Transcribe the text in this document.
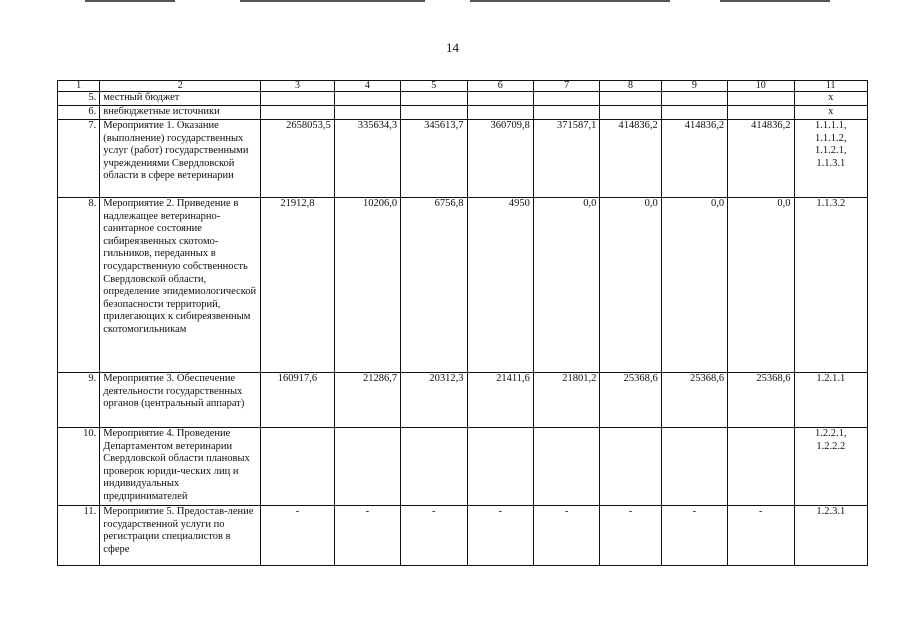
14
1	2	3	4	5	6	7	8	9	10	11
5.	местный бюджет									x

6.	внебюджетные источники									x

7.	Мероприятие 1. Оказание (выполнение) государственных услуг (работ) государственными учреждениями Свердловской области в сфере ветеринарии	2658053,5	335634,3	345613,7	360709,8	371587,1	414836,2	414836,2	414836,2	1.1.1.1,
1.1.1.2,
1.1.2.1,
1.1.3.1

8.	Мероприятие 2. Приведение в надлежащее ветеринарно-санитарное состояние сибиреязвенных скотомо-гильников, переданных в государственную собственность Свердловской области, определение эпидемиологической безопасности территорий, прилегающих к сибиреязвенным скотомогильникам	21912,8	10206,0	6756,8	4950	0,0	0,0	0,0	0,0	1.1.3.2

9.	Мероприятие 3. Обеспечение деятельности государственных органов (центральный аппарат)	160917,6	21286,7	20312,3	21411,6	21801,2	25368,6	25368,6	25368,6	1.2.1.1

10.	Мероприятие 4. Проведение Департаментом ветеринарии Свердловской области плановых проверок юриди-ческих лиц и индивидуальных предпринимателей									1.2.2.1,
1.2.2.2

11.	Мероприятие 5. Предостав-ление государственной услуги по регистрации специалистов в сфере	-	-	-	-	-	-	-	-	1.2.3.1
